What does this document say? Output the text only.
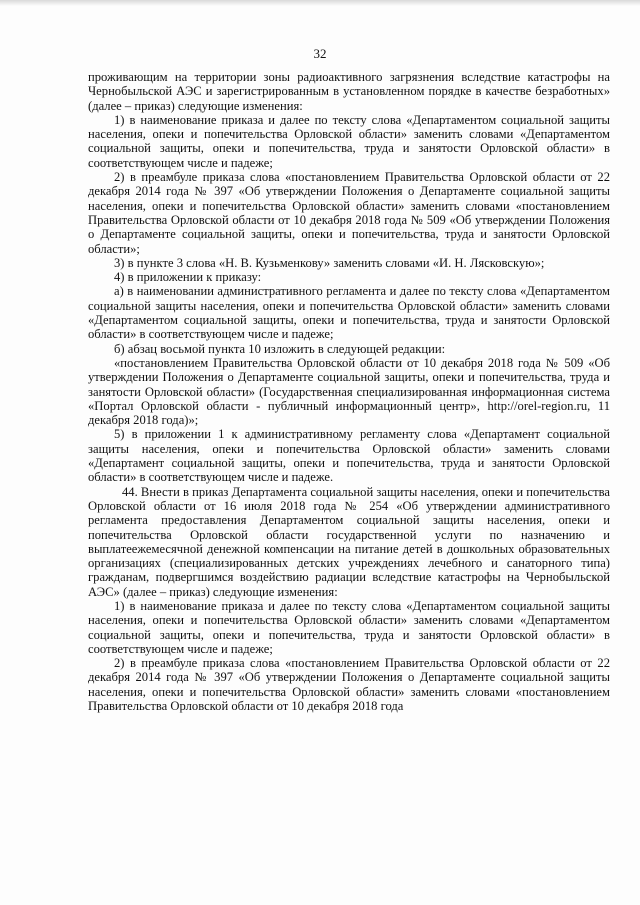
32

проживающим на территории зоны радиоактивного загрязнения вследствие катастрофы на Чернобыльской АЭС и зарегистрированным в установленном порядке в качестве безработных» (далее – приказ) следующие изменения:

1) в наименование приказа и далее по тексту слова «Департаментом социальной защиты населения, опеки и попечительства Орловской области» заменить словами «Департаментом социальной защиты, опеки и попечительства, труда и занятости Орловской области» в соответствующем числе и падеже;

2) в преамбуле приказа слова «постановлением Правительства Орловской области от 22 декабря 2014 года № 397 «Об утверждении Положения о Департаменте социальной защиты населения, опеки и попечительства Орловской области» заменить словами «постановлением Правительства Орловской области от 10 декабря 2018 года № 509 «Об утверждении Положения о Департаменте социальной защиты, опеки и попечительства, труда и занятости Орловской области»;

3) в пункте 3 слова «Н. В. Кузьменкову» заменить словами «И. Н. Лясковскую»;

4) в приложении к приказу:

а) в наименовании административного регламента и далее по тексту слова «Департаментом социальной защиты населения, опеки и попечительства Орловской области» заменить словами «Департаментом социальной защиты, опеки и попечительства, труда и занятости Орловской области» в соответствующем числе и падеже;

б) абзац восьмой пункта 10 изложить в следующей редакции:

«постановлением Правительства Орловской области от 10 декабря 2018 года № 509 «Об утверждении Положения о Департаменте социальной защиты, опеки и попечительства, труда и занятости Орловской области» (Государственная специализированная информационная система «Портал Орловской области - публичный информационный центр», http://orel-region.ru, 11 декабря 2018 года)»;

5) в приложении 1 к административному регламенту слова «Департамент социальной защиты населения, опеки и попечительства Орловской области» заменить словами «Департамент социальной защиты, опеки и попечительства, труда и занятости Орловской области» в соответствующем числе и падеже.

44. Внести в приказ Департамента социальной защиты населения, опеки и попечительства Орловской области от 16 июля 2018 года № 254 «Об утверждении административного регламента предоставления Департаментом социальной защиты населения, опеки и попечительства Орловской области государственной услуги по назначению и выплатеежемесячной денежной компенсации на питание детей в дошкольных образовательных организациях (специализированных детских учреждениях лечебного и санаторного типа) гражданам, подвергшимся воздействию радиации вследствие катастрофы на Чернобыльской АЭС» (далее – приказ) следующие изменения:

1) в наименование приказа и далее по тексту слова «Департаментом социальной защиты населения, опеки и попечительства Орловской области» заменить словами «Департаментом социальной защиты, опеки и попечительства, труда и занятости Орловской области» в соответствующем числе и падеже;

2) в преамбуле приказа слова «постановлением Правительства Орловской области от 22 декабря 2014 года № 397 «Об утверждении Положения о Департаменте социальной защиты населения, опеки и попечительства Орловской области» заменить словами «постановлением Правительства Орловской области от 10 декабря 2018 года
